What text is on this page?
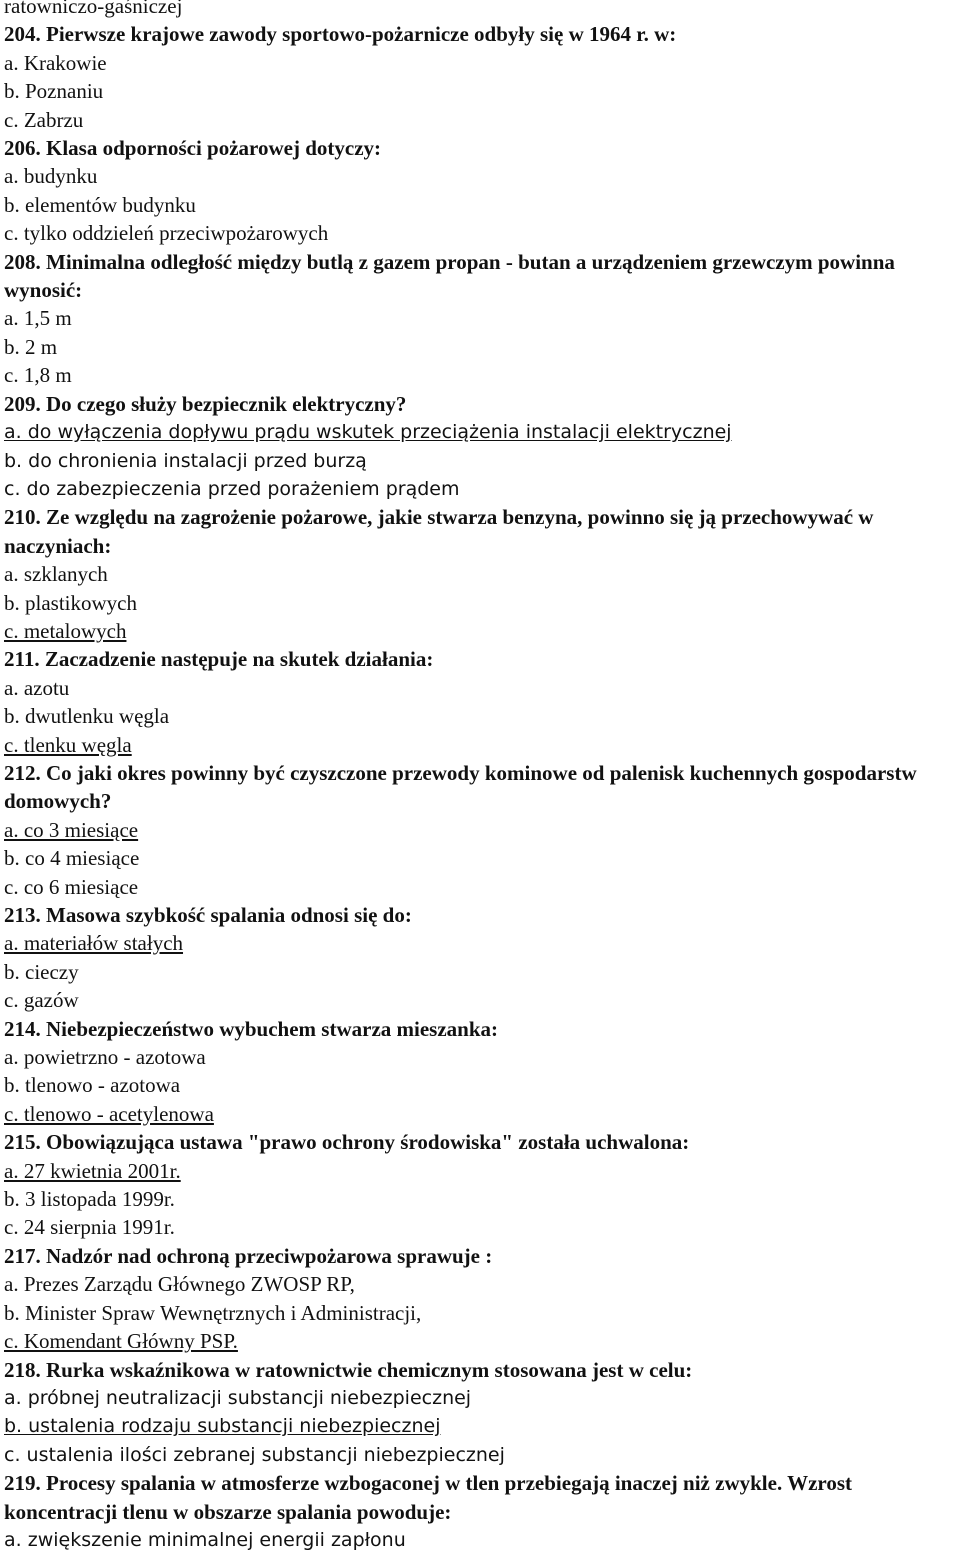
ratowniczo-gaśniczej
204. Pierwsze krajowe zawody sportowo-pożarnicze odbyły się w 1964 r. w:
a. Krakowie
b. Poznaniu
c. Zabrzu
206. Klasa odporności pożarowej dotyczy:
a. budynku
b. elementów budynku
c. tylko oddzieleń przeciwpożarowych
208. Minimalna odległość między butlą z gazem propan - butan a urządzeniem grzewczym powinna wynosić:
a. 1,5 m
b. 2 m
c. 1,8 m
209. Do czego służy bezpiecznik elektryczny?
a. do wyłączenia dopływu prądu wskutek przeciążenia instalacji elektrycznej
b. do chronienia instalacji przed burzą
c. do zabezpieczenia przed porażeniem prądem
210. Ze względu na zagrożenie pożarowe, jakie stwarza benzyna, powinno się ją przechowywać w naczyniach:
a. szklanych
b. plastikowych
c. metalowych
211. Zaczadzenie następuje na skutek działania:
a. azotu
b. dwutlenku węgla
c. tlenku węgla
212. Co jaki okres powinny być czyszczone przewody kominowe od palenisk kuchennych gospodarstw domowych?
a. co 3 miesiące
b. co 4 miesiące
c. co 6 miesiące
213. Masowa szybkość spalania odnosi się do:
a. materiałów stałych
b. cieczy
c. gazów
214. Niebezpieczeństwo wybuchem stwarza mieszanka:
a. powietrzno - azotowa
b. tlenowo - azotowa
c. tlenowo - acetylenowa
215. Obowiązująca ustawa "prawo ochrony środowiska" została uchwalona:
a. 27 kwietnia 2001r.
b. 3 listopada 1999r.
c. 24 sierpnia 1991r.
217. Nadzór nad ochroną przeciwpożarowa sprawuje :
a. Prezes Zarządu Głównego ZWOSP RP,
b. Minister Spraw Wewnętrznych i Administracji,
c. Komendant Główny PSP.
218. Rurka wskaźnikowa w ratownictwie chemicznym stosowana jest w celu:
a. próbnej neutralizacji substancji niebezpiecznej
b. ustalenia rodzaju substancji niebezpiecznej
c. ustalenia ilości zebranej substancji niebezpiecznej
219. Procesy spalania w atmosferze wzbogaconej w tlen przebiegają inaczej niż zwykle. Wzrost koncentracji tlenu w obszarze spalania powoduje:
a. zwiększenie minimalnej energii zapłonu
